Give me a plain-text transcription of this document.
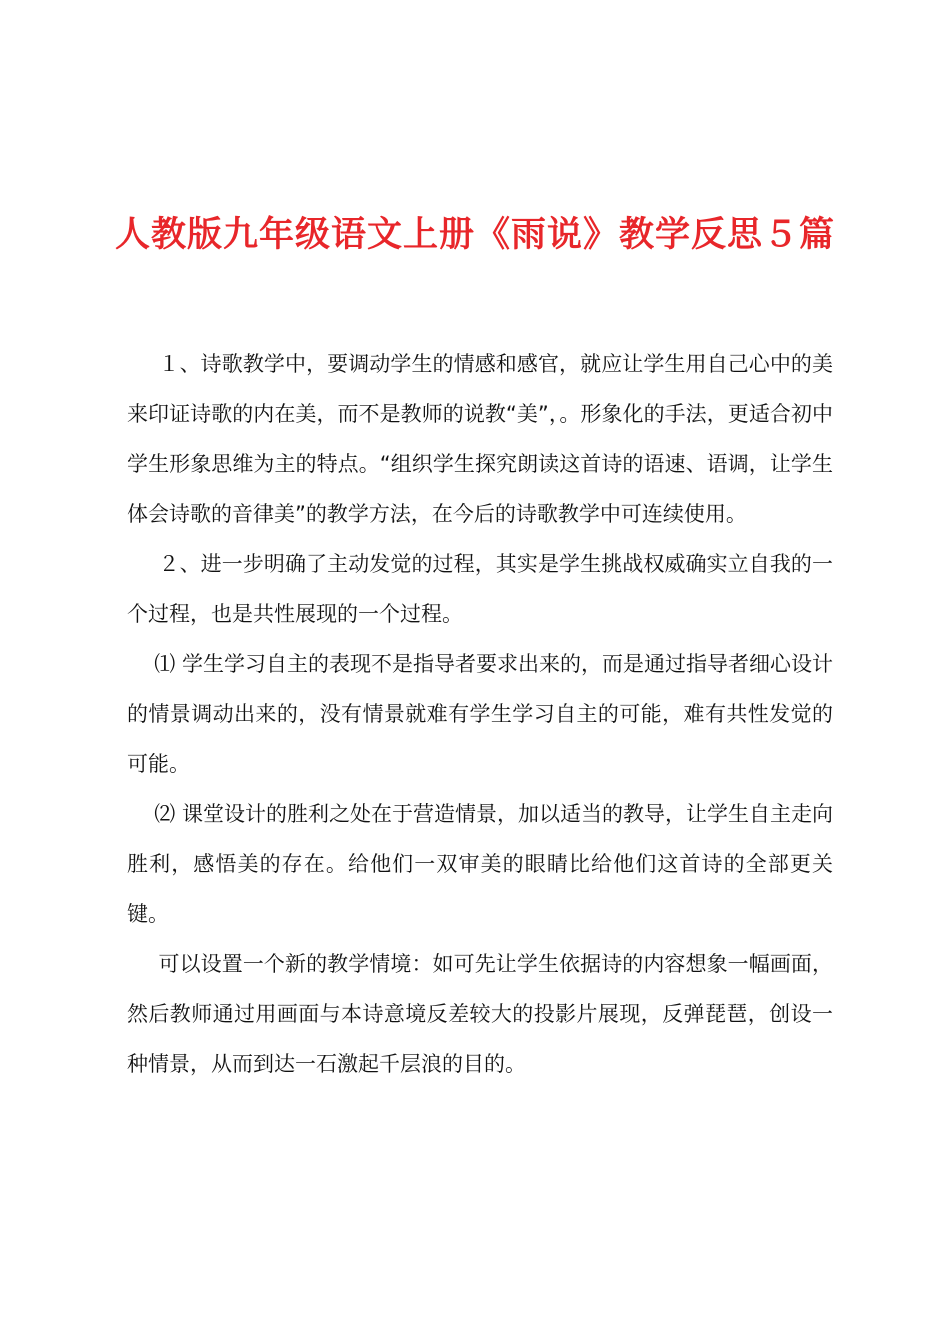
人教版九年级语文上册《雨说》教学反思５篇

１、诗歌教学中，要调动学生的情感和感官，就应让学生用自己心中的美来印证诗歌的内在美，而不是教师的说教“美”，。形象化的手法，更适合初中学生形象思维为主的特点。“组织学生探究朗读这首诗的语速、语调，让学生体会诗歌的音律美”的教学方法，在今后的诗歌教学中可连续使用。

２、进一步明确了主动发觉的过程，其实是学生挑战权威确实立自我的一个过程，也是共性展现的一个过程。

⑴ 学生学习自主的表现不是指导者要求出来的，而是通过指导者细心设计的情景调动出来的，没有情景就难有学生学习自主的可能，难有共性发觉的可能。

⑵ 课堂设计的胜利之处在于营造情景，加以适当的教导，让学生自主走向胜利，感悟美的存在。给他们一双审美的眼睛比给他们这首诗的全部更关键。

可以设置一个新的教学情境：如可先让学生依据诗的内容想象一幅画面，然后教师通过用画面与本诗意境反差较大的投影片展现，反弹琵琶，创设一种情景，从而到达一石激起千层浪的目的。
